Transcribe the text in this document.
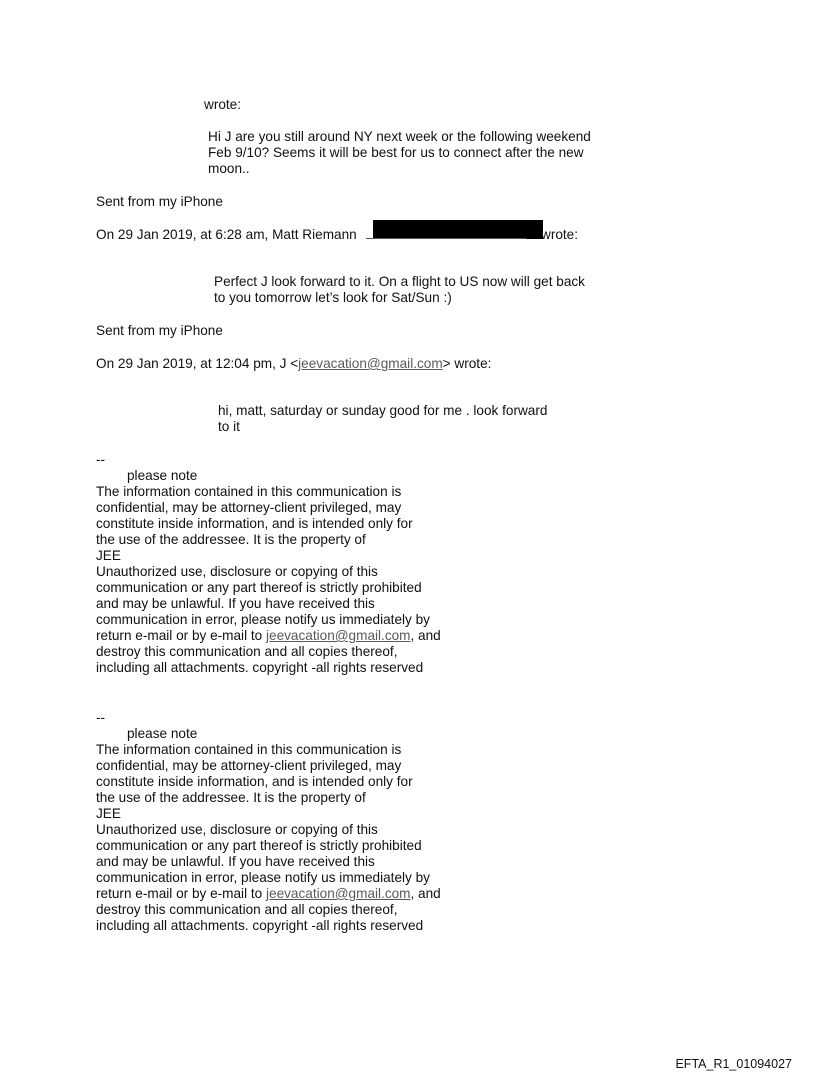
wrote:
Hi J are you still around NY next week or the following weekend
Feb 9/10? Seems it will be best for us to connect after the new
moon..
Sent from my iPhone
On 29 Jan 2019, at 6:28 am, Matt Riemann	wrote:
Perfect J look forward to it. On a flight to US now will get back
to you tomorrow let’s look for Sat/Sun :)
Sent from my iPhone
On 29 Jan 2019, at 12:04 pm, J <jeevacation@gmail.com> wrote:
hi, matt, saturday or sunday good for me . look forward
to it
--
please note
The information contained in this communication is
confidential, may be attorney-client privileged, may
constitute inside information, and is intended only for
the use of the addressee. It is the property of
JEE
Unauthorized use, disclosure or copying of this
communication or any part thereof is strictly prohibited
and may be unlawful. If you have received this
communication in error, please notify us immediately by
return e-mail or by e-mail to jeevacation@gmail.com, and
destroy this communication and all copies thereof,
including all attachments. copyright -all rights reserved
--
please note
The information contained in this communication is
confidential, may be attorney-client privileged, may
constitute inside information, and is intended only for
the use of the addressee. It is the property of
JEE
Unauthorized use, disclosure or copying of this
communication or any part thereof is strictly prohibited
and may be unlawful. If you have received this
communication in error, please notify us immediately by
return e-mail or by e-mail to jeevacation@gmail.com, and
destroy this communication and all copies thereof,
including all attachments. copyright -all rights reserved
EFTA_R1_01094027
